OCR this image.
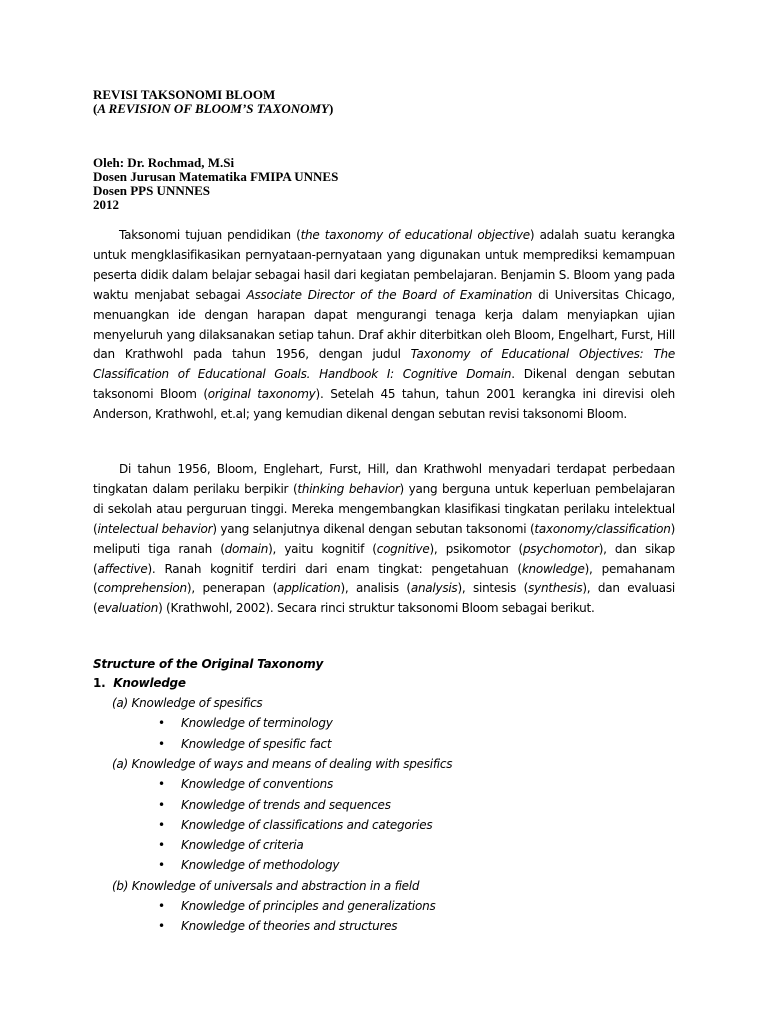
REVISI TAKSONOMI BLOOM
(A REVISION OF BLOOM’S TAXONOMY)
Oleh: Dr. Rochmad, M.Si
Dosen Jurusan Matematika FMIPA UNNES
Dosen PPS UNNNES
2012

Taksonomi tujuan pendidikan (the taxonomy of educational objective) adalah suatu kerangka untuk mengklasifikasikan pernyataan-pernyataan yang digunakan untuk memprediksi kemampuan peserta didik dalam belajar sebagai hasil dari kegiatan pembelajaran. Benjamin S. Bloom yang pada waktu menjabat sebagai Associate Director of the Board of Examination di Universitas Chicago, menuangkan ide dengan harapan dapat mengurangi tenaga kerja dalam menyiapkan ujian menyeluruh yang dilaksanakan setiap tahun. Draf akhir diterbitkan oleh Bloom, Engelhart, Furst, Hill dan Krathwohl pada tahun 1956, dengan judul Taxonomy of Educational Objectives: The Classification of Educational Goals. Handbook I: Cognitive Domain. Dikenal dengan sebutan taksonomi Bloom (original taxonomy). Setelah 45 tahun, tahun 2001 kerangka ini direvisi oleh Anderson, Krathwohl, et.al; yang kemudian dikenal dengan sebutan revisi taksonomi Bloom.

Di tahun 1956, Bloom, Englehart, Furst, Hill, dan Krathwohl menyadari terdapat perbedaan tingkatan dalam perilaku berpikir (thinking behavior) yang berguna untuk keperluan pembelajaran di sekolah atau perguruan tinggi. Mereka mengembangkan klasifikasi tingkatan perilaku intelektual (intelectual behavior) yang selanjutnya dikenal dengan sebutan taksonomi (taxonomy/classification) meliputi tiga ranah (domain), yaitu kognitif (cognitive), psikomotor (psychomotor), dan sikap (affective). Ranah kognitif terdiri dari enam tingkat: pengetahuan (knowledge), pemahanam (comprehension), penerapan (application), analisis (analysis), sintesis (synthesis), dan evaluasi (evaluation) (Krathwohl, 2002). Secara rinci struktur taksonomi Bloom sebagai berikut.

Structure of the Original Taxonomy
1. Knowledge
(a) Knowledge of spesifics
• Knowledge of terminology
• Knowledge of spesific fact
(a) Knowledge of ways and means of dealing with spesifics
• Knowledge of conventions
• Knowledge of trends and sequences
• Knowledge of classifications and categories
• Knowledge of criteria
• Knowledge of methodology
(b) Knowledge of universals and abstraction in a field
• Knowledge of principles and generalizations
• Knowledge of theories and structures
